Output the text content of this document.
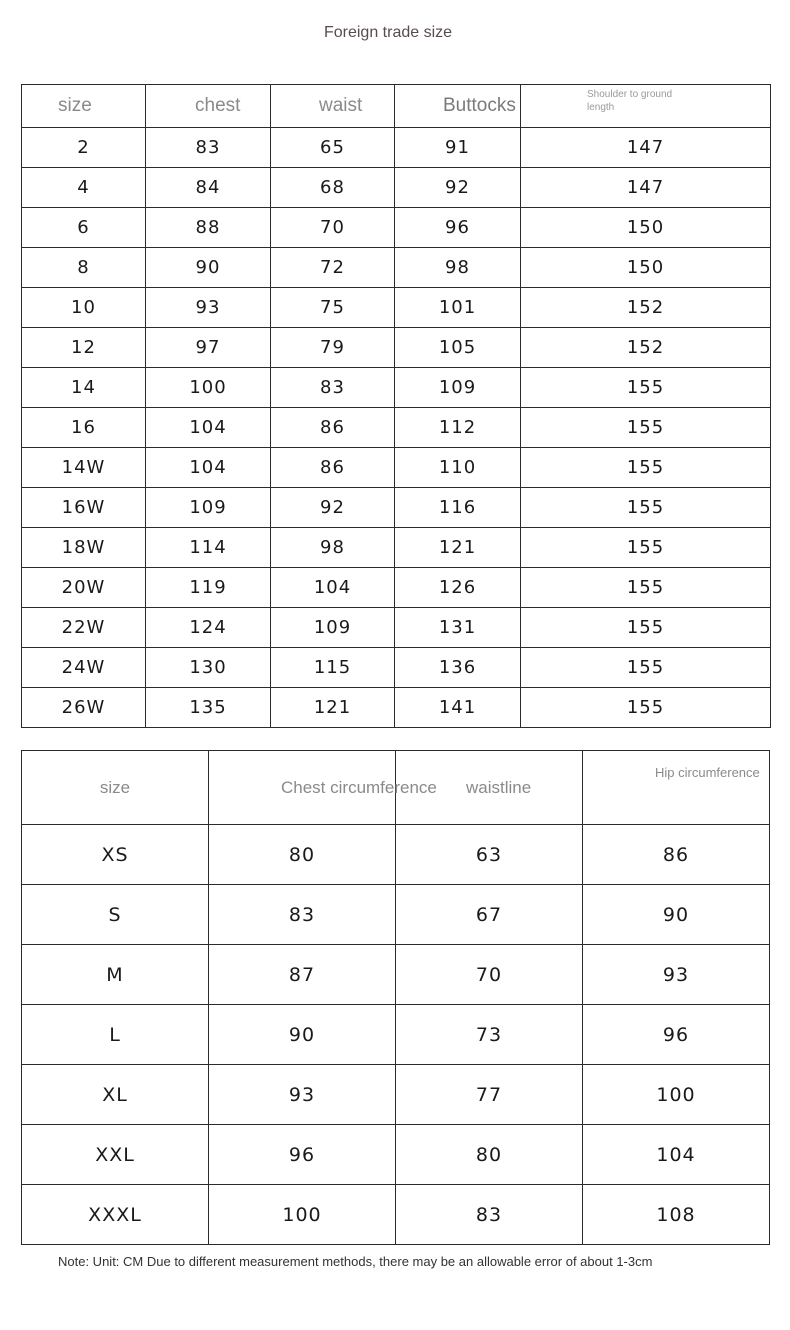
Foreign trade size
size	chest	waist	Buttocks	Shoulder to ground length

2	83	65	91	147
4	84	68	92	147
6	88	70	96	150
8	90	72	98	150
10	93	75	101	152
12	97	79	105	152
14	100	83	109	155
16	104	86	112	155
14W	104	86	110	155
16W	109	92	116	155
18W	114	98	121	155
20W	119	104	126	155
22W	124	109	131	155
24W	130	115	136	155
26W	135	121	141	155
size	Chest circumference	waistline	Hip circumference
XS	80	63	86
S	83	67	90
M	87	70	93
L	90	73	96
XL	93	77	100
XXL	96	80	104
XXXL	100	83	108
Note: Unit: CM Due to different measurement methods, there may be an allowable error of about 1-3cm
